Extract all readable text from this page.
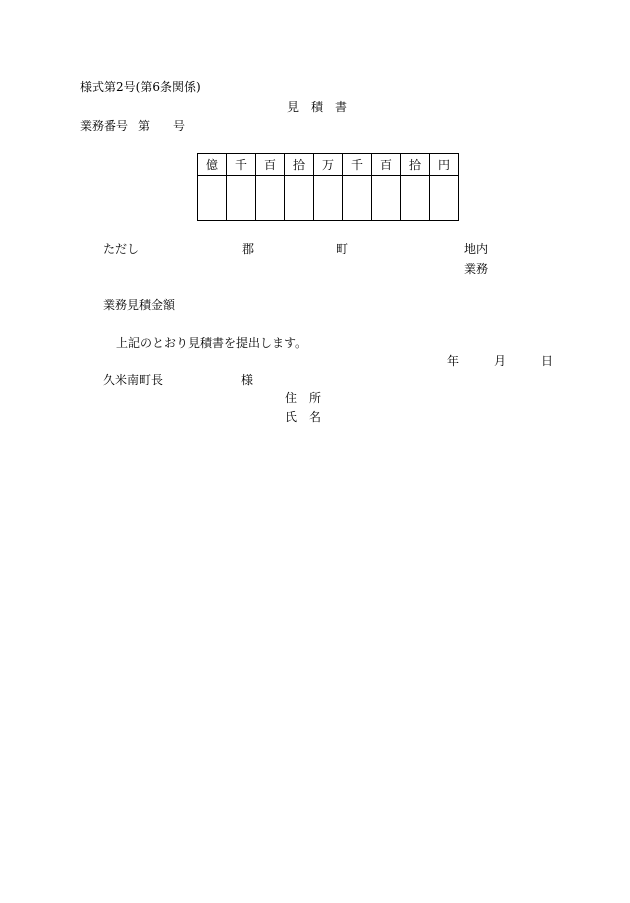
様式第2号(第6条関係)
見　積　書
業務番号 第 号
億	千	百	拾	万	千	百	拾	円

ただし	郡	町	地内
業務
業務見積金額
上記のとおり見積書を提出します。
年	月	日
久米南町長	様
住　所
氏　名
